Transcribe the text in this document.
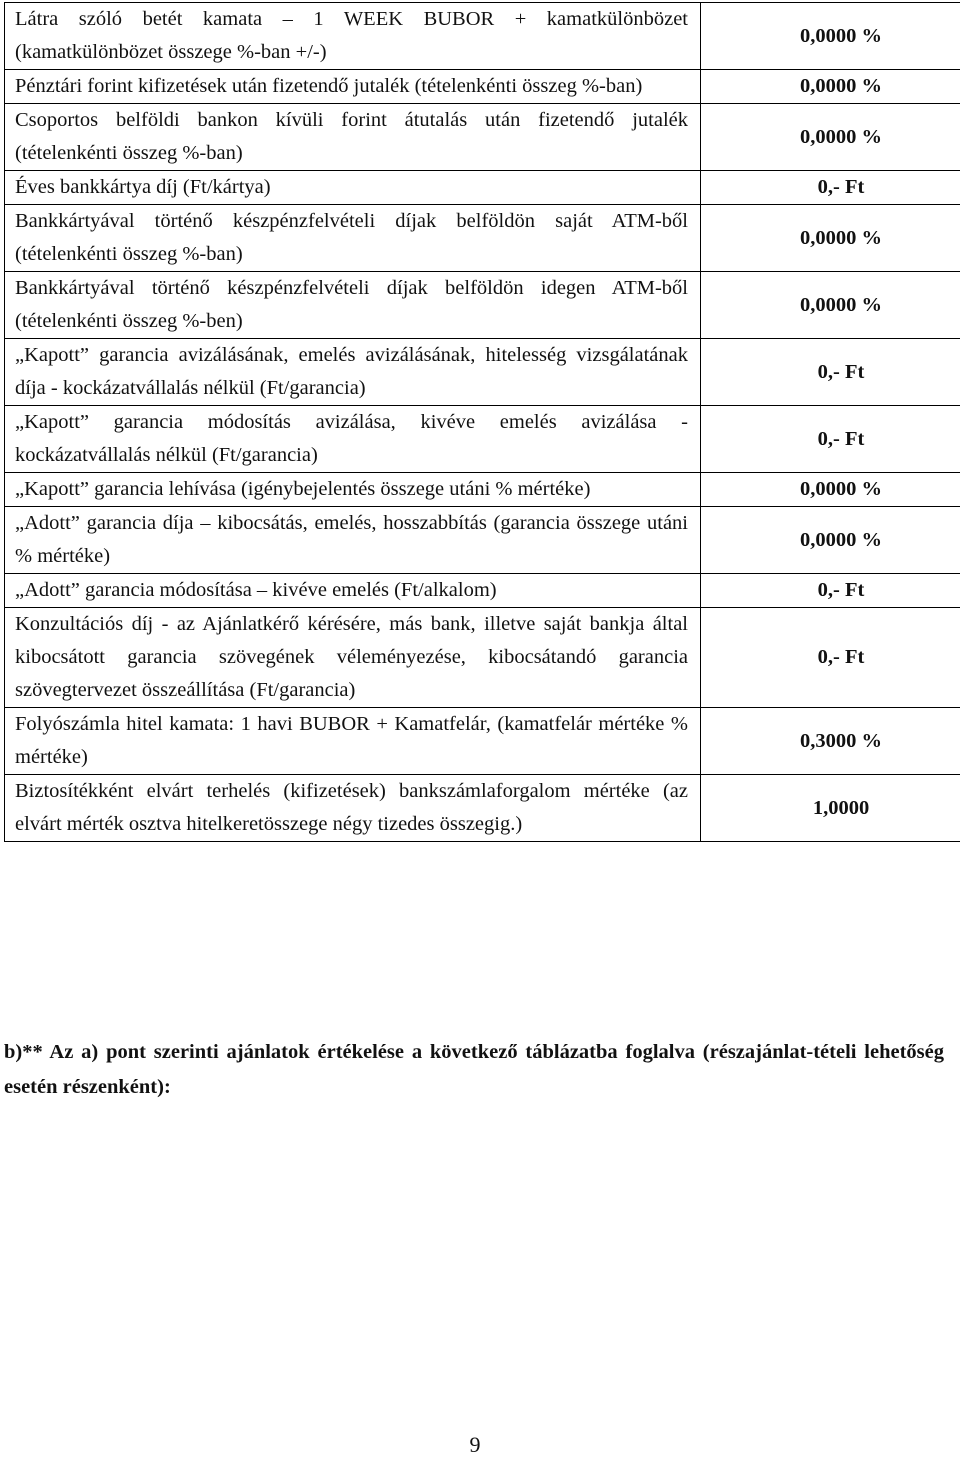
Látra szóló betét kamata – 1 WEEK BUBOR + kamatkülönbözet (kamatkülönbözet összege %-ban +/-)	0,0000 %
Pénztári forint kifizetések után fizetendő jutalék (tételenkénti összeg %-ban)	0,0000 %
Csoportos belföldi bankon kívüli forint átutalás után fizetendő jutalék (tételenkénti összeg %-ban)	0,0000 %
Éves bankkártya díj (Ft/kártya)	0,- Ft
Bankkártyával történő készpénzfelvételi díjak belföldön saját ATM-ből (tételenkénti összeg %-ban)	0,0000 %
Bankkártyával történő készpénzfelvételi díjak belföldön idegen ATM-ből (tételenkénti összeg %-ben)	0,0000 %
„Kapott” garancia avizálásának, emelés avizálásának, hitelesség vizsgálatának díja - kockázatvállalás nélkül (Ft/garancia)	0,- Ft
„Kapott” garancia módosítás avizálása, kivéve emelés avizálása - kockázatvállalás nélkül (Ft/garancia)	0,- Ft
„Kapott” garancia lehívása (igénybejelentés összege utáni % mértéke)	0,0000 %
„Adott” garancia díja – kibocsátás, emelés, hosszabbítás (garancia összege utáni % mértéke)	0,0000 %
„Adott” garancia módosítása – kivéve emelés (Ft/alkalom)	0,- Ft
Konzultációs díj - az Ajánlatkérő kérésére, más bank, illetve saját bankja által kibocsátott garancia szövegének véleményezése, kibocsátandó garancia szövegtervezet összeállítása (Ft/garancia)	0,- Ft
Folyószámla hitel kamata: 1 havi BUBOR + Kamatfelár, (kamatfelár mértéke % mértéke)	0,3000 %
Biztosítékként elvárt terhelés (kifizetések) bankszámlaforgalom mértéke (az elvárt mérték osztva hitelkeretösszege négy tizedes összegig.)	1,0000
b)** Az a) pont szerinti ajánlatok értékelése a következő táblázatba foglalva (részajánlat-tételi lehetőség esetén részenként):
9
